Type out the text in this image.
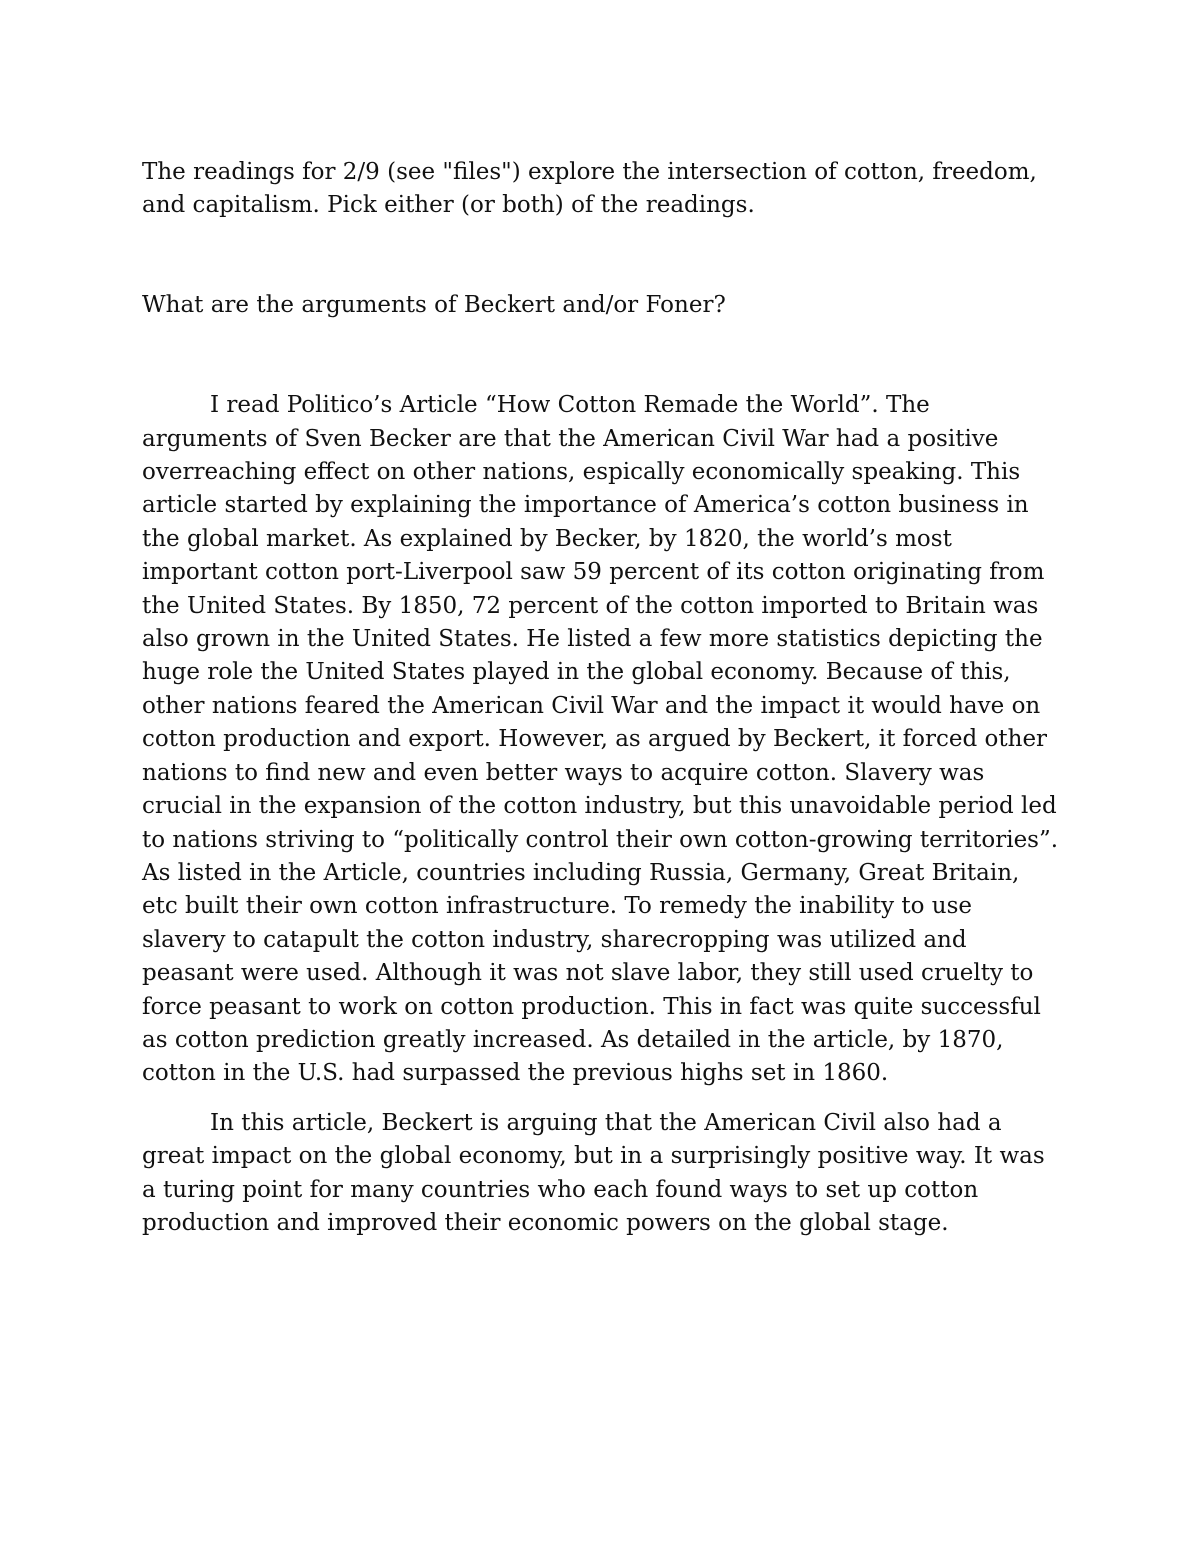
The readings for 2/9 (see "files") explore the intersection of cotton, freedom, and capitalism. Pick either (or both) of the readings.

What are the arguments of Beckert and/or Foner?

I read Politico’s Article “How Cotton Remade the World”. The arguments of Sven Becker are that the American Civil War had a positive overreaching effect on other nations, espically economically speaking. This article started by explaining the importance of America’s cotton business in the global market. As explained by Becker, by 1820, the world’s most important cotton port-Liverpool saw 59 percent of its cotton originating from the United States. By 1850, 72 percent of the cotton imported to Britain was also grown in the United States. He listed a few more statistics depicting the huge role the United States played in the global economy. Because of this, other nations feared the American Civil War and the impact it would have on cotton production and export. However, as argued by Beckert, it forced other nations to find new and even better ways to acquire cotton. Slavery was crucial in the expansion of the cotton industry, but this unavoidable period led to nations striving to “politically control their own cotton-growing territories”. As listed in the Article, countries including Russia, Germany, Great Britain, etc built their own cotton infrastructure. To remedy the inability to use slavery to catapult the cotton industry, sharecropping was utilized and peasant were used. Although it was not slave labor, they still used cruelty to force peasant to work on cotton production. This in fact was quite successful as cotton prediction greatly increased. As detailed in the article, by 1870, cotton in the U.S. had surpassed the previous highs set in 1860.

In this article, Beckert is arguing that the American Civil also had a great impact on the global economy, but in a surprisingly positive way. It was a turing point for many countries who each found ways to set up cotton production and improved their economic powers on the global stage.
